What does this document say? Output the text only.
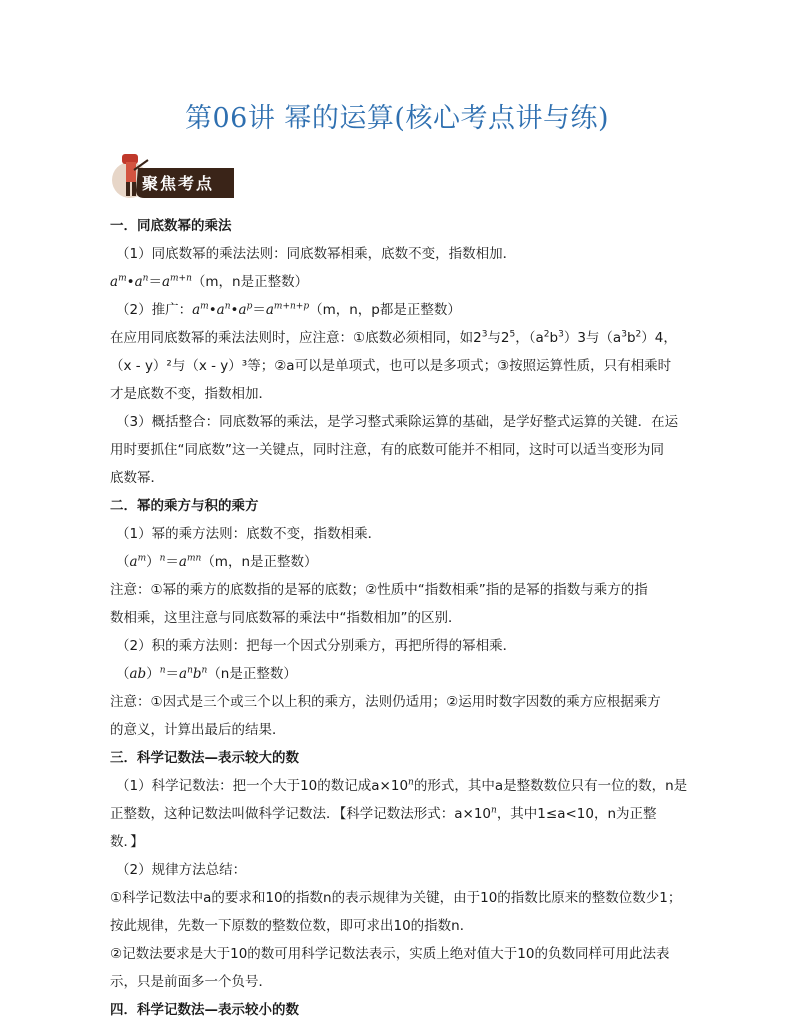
第06讲 幂的运算(核心考点讲与练)
聚焦考点

一．同底数幂的乘法

（1）同底数幂的乘法法则：同底数幂相乘，底数不变，指数相加．

$a^m•a^n=a^{m+n}(m$，n是正整数）

（2）推广：$a^m•a^n•a^p=a^{m+n+p}(m$，n，p都是正整数）

在应用同底数幂的乘法法则时，应注意：①底数必须相同，如$2^3$与$2^5$，$(a^2b^3)3$与$(a^3b^2)4$，

（x - y）²与（x - y）³等；②a可以是单项式，也可以是多项式；③按照运算性质，只有相乘时

才是底数不变，指数相加．

（3）概括整合：同底数幂的乘法，是学习整式乘除运算的基础，是学好整式运算的关键．在运

用时要抓住“同底数”这一关键点，同时注意，有的底数可能并不相同，这时可以适当变形为同

底数幂．

二．幂的乘方与积的乘方

（1）幂的乘方法则：底数不变，指数相乘．

$(a^m)^n=a^{mn}(m$，n是正整数）

注意：①幂的乘方的底数指的是幂的底数；②性质中“指数相乘”指的是幂的指数与乘方的指

数相乘，这里注意与同底数幂的乘法中“指数相加”的区别．

（2）积的乘方法则：把每一个因式分别乘方，再把所得的幂相乘．

$(ab)^n=a^nb^n(n$是正整数）

注意：①因式是三个或三个以上积的乘方，法则仍适用；②运用时数字因数的乘方应根据乘方

的意义，计算出最后的结果．

三．科学记数法—表示较大的数

（1）科学记数法：把一个大于10的数记成$a\times 10^n$的形式，其中a是整数数位只有一位的数，n是

正整数，这种记数法叫做科学记数法．【科学记数法形式：$a\times 10^n$，其中1≤a<10，n为正整

数．】

（2）规律方法总结：

①科学记数法中a的要求和10的指数n的表示规律为关键，由于10的指数比原来的整数位数少1；

按此规律，先数一下原数的整数位数，即可求出10的指数n．

②记数法要求是大于10的数可用科学记数法表示，实质上绝对值大于10的负数同样可用此法表

示，只是前面多一个负号．

四．科学记数法—表示较小的数
